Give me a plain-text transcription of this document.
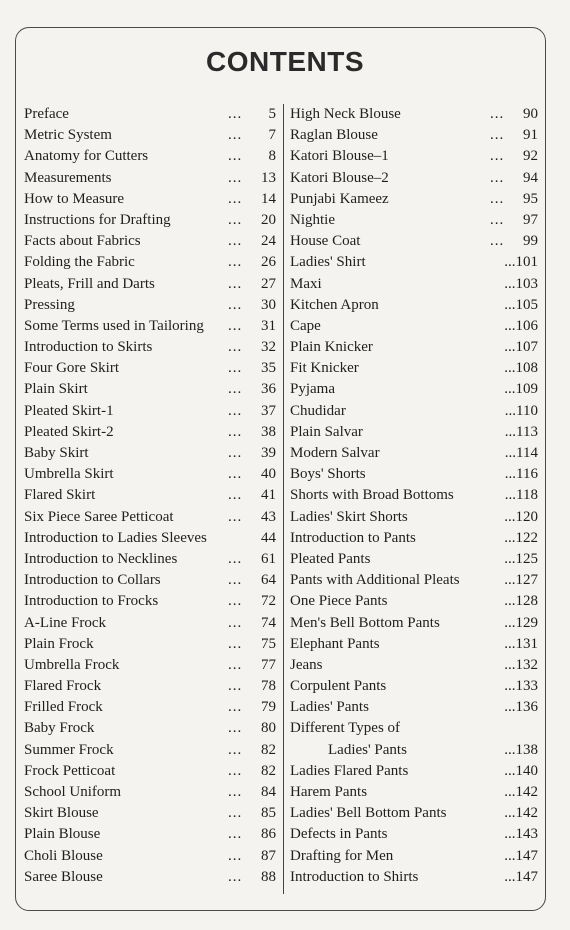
CONTENTS
Preface	... 5
Metric System	... 7
Anatomy for Cutters	... 8
Measurements	... 13
How to Measure	... 14
Instructions for Drafting	... 20
Facts about Fabrics	... 24
Folding the Fabric	... 26
Pleats, Frill and Darts	... 27
Pressing	... 30
Some Terms used in Tailoring ... 31
Introduction to Skirts	... 32
Four Gore Skirt	... 35
Plain Skirt	... 36
Pleated Skirt-1	... 37
Pleated Skirt-2	... 38
Baby Skirt	... 39
Umbrella Skirt	... 40
Flared Skirt	... 41
Six Piece Saree Petticoat	... 43
Introduction to Ladies Sleeves	44
Introduction to Necklines	... 61
Introduction to Collars	... 64
Introduction to Frocks	... 72
A-Line Frock	... 74
Plain Frock	... 75
Umbrella Frock	... 77
Flared Frock	... 78
Frilled Frock	... 79
Baby Frock	... 80
Summer Frock	... 82
Frock Petticoat	... 82
School Uniform	... 84
Skirt Blouse	... 85
Plain Blouse	... 86
Choli Blouse	... 87
Saree Blouse	... 88
High Neck Blouse	... 90
Raglan Blouse	... 91
Katori Blouse–1	... 92
Katori Blouse–2	... 94
Punjabi Kameez	... 95
Nightie	... 97
House Coat	... 99
Ladies' Shirt	...101
Maxi	...103
Kitchen Apron	...105
Cape	...106
Plain Knicker	...107
Fit Knicker	...108
Pyjama	...109
Chudidar	...110
Plain Salvar	...113
Modern Salvar	...114
Boys' Shorts	...116
Shorts with Broad Bottoms	...118
Ladies' Skirt Shorts	...120
Introduction to Pants	...122
Pleated Pants	...125
Pants with Additional Pleats	...127
One Piece Pants	...128
Men's Bell Bottom Pants	...129
Elephant Pants	...131
Jeans	...132
Corpulent Pants	...133
Ladies' Pants	...136
Different Types of
Ladies' Pants	...138
Ladies Flared Pants	...140
Harem Pants	...142
Ladies' Bell Bottom Pants	...142
Defects in Pants	...143
Drafting for Men	...147
Introduction to Shirts	...147
